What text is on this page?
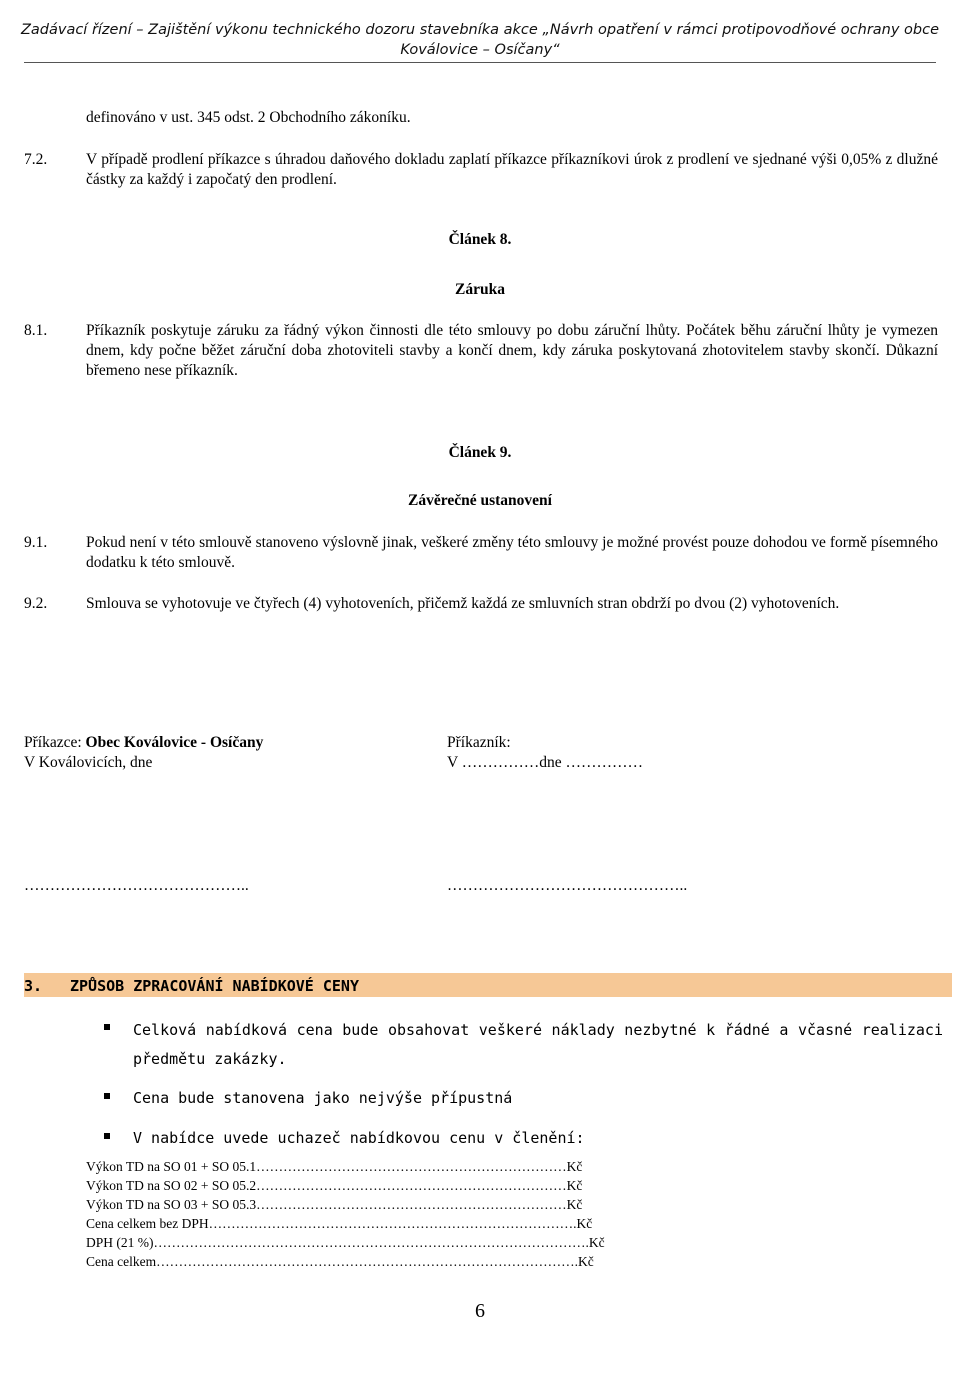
Zadávací řízení – Zajištění výkonu technického dozoru stavebníka akce „Návrh opatření v rámci protipovodňové ochrany obce
Koválovice – Osíčany“
definováno v ust. 345 odst. 2 Obchodního zákoníku.
7.2.	V případě prodlení příkazce s úhradou daňového dokladu zaplatí příkazce příkazníkovi úrok z prodlení ve sjednané výši 0,05% z dlužné částky za každý i započatý den prodlení.
Článek 8.
Záruka
8.1.	Příkazník poskytuje záruku za řádný výkon činnosti dle této smlouvy po dobu záruční lhůty. Počátek běhu záruční lhůty je vymezen dnem, kdy počne běžet záruční doba zhotoviteli stavby a končí dnem, kdy záruka poskytovaná zhotovitelem stavby skončí. Důkazní břemeno nese příkazník.
Článek 9.
Závěrečné ustanovení
9.1.	Pokud není v této smlouvě stanoveno výslovně jinak, veškeré změny této smlouvy je možné provést pouze dohodou ve formě písemného dodatku k této smlouvě.
9.2.	Smlouva se vyhotovuje ve čtyřech (4) vyhotoveních, přičemž každá ze smluvních stran obdrží po dvou (2) vyhotoveních.
Příkazce: Obec Koválovice - Osíčany
V Koválovicích, dne
Příkazník:
V ……………dne ……………
……………………………………..	………………………………………..
3. ZPŮSOB ZPRACOVÁNÍ NABÍDKOVÉ CENY
Celková nabídková cena bude obsahovat veškeré náklady nezbytné k řádné a včasné realizaci předmětu zakázky.
Cena bude stanovena jako nejvýše přípustná
V nabídce uvede uchazeč nabídkovou cenu v členění:
Výkon TD na SO 01 + SO 05.1……………………………………………………………Kč
Výkon TD na SO 02 + SO 05.2……………………………………………………………Kč
Výkon TD na SO 03 + SO 05.3……………………………………………………………Kč
Cena celkem bez DPH……………………………………………………………………….Kč
DPH (21 %)…………………………………………………………………………………….Kč
Cena celkem………………………………………………………………………………….Kč
6
